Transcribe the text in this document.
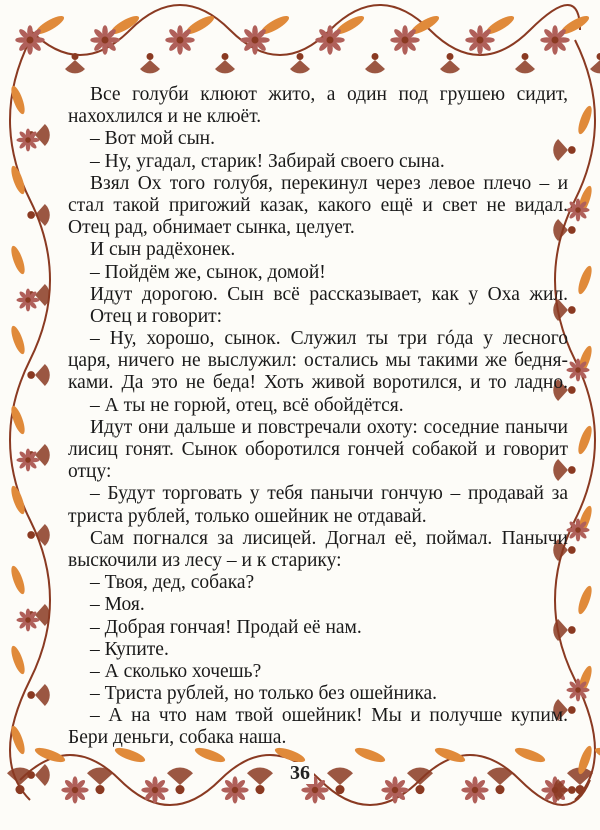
Все голуби клюют жито, а один под грушею сидит,
нахохлился и не клюёт.
– Вот мой сын.
– Ну, угадал, старик! Забирай своего сына.
Взял Ох того голубя, перекинул через левое плечо – и
стал такой пригожий казак, какого ещё и свет не видал.
Отец рад, обнимает сынка, целует.
И сын радёхонек.
– Пойдём же, сынок, домой!
Идут дорогою. Сын всё рассказывает, как у Оха жил.
Отец и говорит:
– Ну, хорошо, сынок. Служил ты три гóда у лесного
царя, ничего не выслужил: остались мы такими же бедня-
ками. Да это не беда! Хоть живой воротился, и то ладно.
– А ты не горюй, отец, всё обойдётся.
Идут они дальше и повстречали охоту: соседние панычи
лисиц гонят. Сынок оборотился гончей собакой и говорит
отцу:
– Будут торговать у тебя панычи гончую – продавай за
триста рублей, только ошейник не отдавай.
Сам погнался за лисицей. Догнал её, поймал. Панычи
выскочили из лесу – и к старику:
– Твоя, дед, собака?
– Моя.
– Добрая гончая! Продай её нам.
– Купите.
– А сколько хочешь?
– Триста рублей, но только без ошейника.
– А на что нам твой ошейник! Мы и получше купим.
Бери деньги, собака наша.
36
